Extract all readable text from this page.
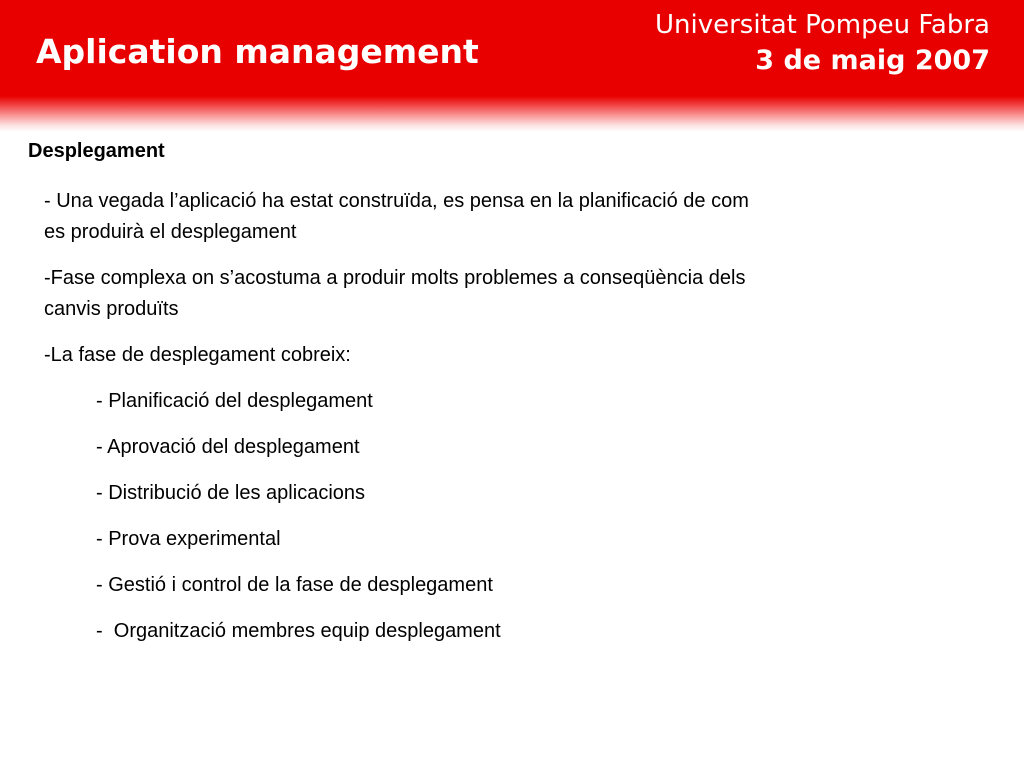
Aplication management
Universitat Pompeu Fabra
3 de maig 2007
Desplegament

- Una vegada l’aplicació ha estat construïda, es pensa en la planificació de com es produirà el desplegament

-Fase complexa on s’acostuma a produir molts problemes a conseqüència dels canvis produïts

-La fase de desplegament cobreix:

- Planificació del desplegament
- Aprovació del desplegament
- Distribució de les aplicacions
- Prova experimental
- Gestió i control de la fase de desplegament
-  Organització membres equip desplegament
